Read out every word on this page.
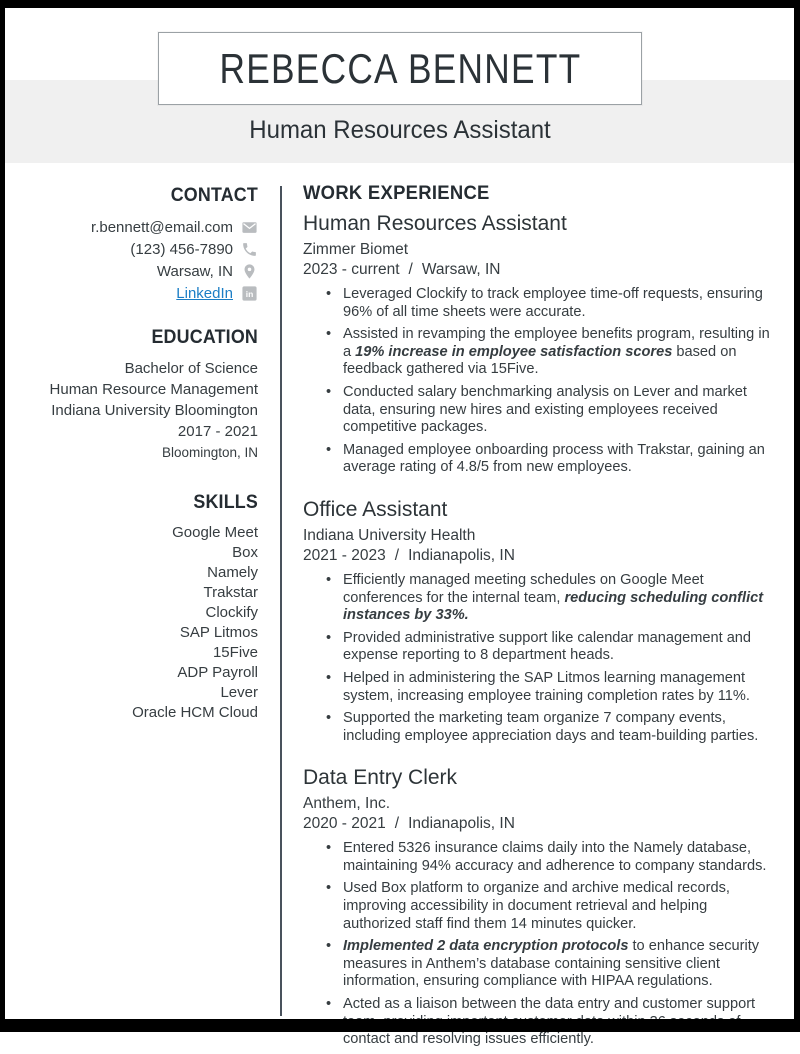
REBECCA BENNETT
Human Resources Assistant
CONTACT
r.bennett@email.com
(123) 456-7890
Warsaw, IN
LinkedIn in
EDUCATION
Bachelor of Science
Human Resource Management
Indiana University Bloomington
2017 - 2021
Bloomington, IN
SKILLS
Google Meet
Box
Namely
Trakstar
Clockify
SAP Litmos
15Five
ADP Payroll
Lever
Oracle HCM Cloud
WORK EXPERIENCE
Human Resources Assistant
Zimmer Biomet
2023 - current / Warsaw, IN
• Leveraged Clockify to track employee time-off requests, ensuring 96% of all time sheets were accurate.
• Assisted in revamping the employee benefits program, resulting in a 19% increase in employee satisfaction scores based on feedback gathered via 15Five.
• Conducted salary benchmarking analysis on Lever and market data, ensuring new hires and existing employees received competitive packages.
• Managed employee onboarding process with Trakstar, gaining an average rating of 4.8/5 from new employees.
Office Assistant
Indiana University Health
2021 - 2023 / Indianapolis, IN
• Efficiently managed meeting schedules on Google Meet conferences for the internal team, reducing scheduling conflict instances by 33%.
• Provided administrative support like calendar management and expense reporting to 8 department heads.
• Helped in administering the SAP Litmos learning management system, increasing employee training completion rates by 11%.
• Supported the marketing team organize 7 company events, including employee appreciation days and team-building parties.
Data Entry Clerk
Anthem, Inc.
2020 - 2021 / Indianapolis, IN
• Entered 5326 insurance claims daily into the Namely database, maintaining 94% accuracy and adherence to company standards.
• Used Box platform to organize and archive medical records, improving accessibility in document retrieval and helping authorized staff find them 14 minutes quicker.
• Implemented 2 data encryption protocols to enhance security measures in Anthem’s database containing sensitive client information, ensuring compliance with HIPAA regulations.
• Acted as a liaison between the data entry and customer support team, providing important customer data within 36 seconds of contact and resolving issues efficiently.
